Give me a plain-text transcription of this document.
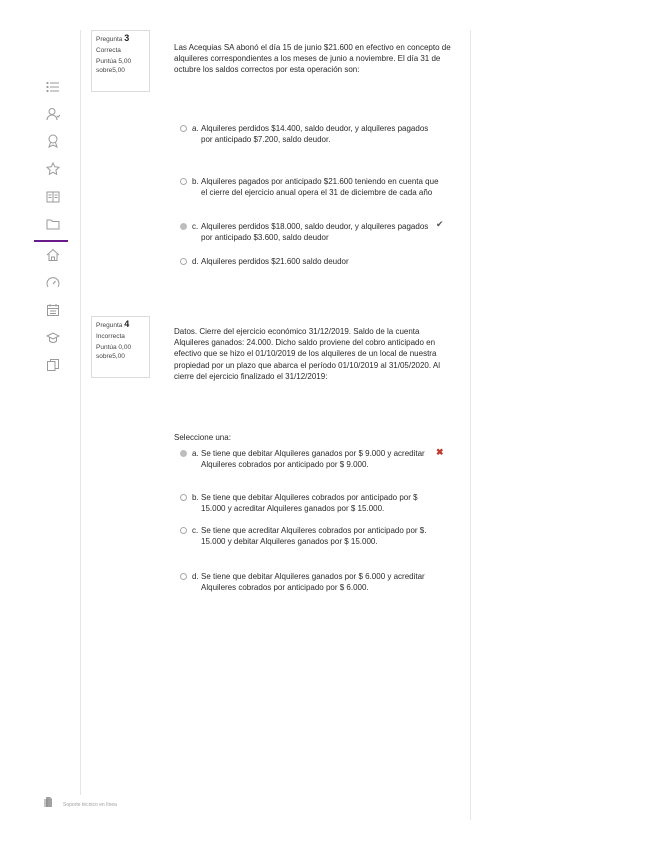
Pregunta 3
Correcta
Puntúa 5,00 sobre5,00
Las Acequias SA abonó el día 15 de junio $21.600 en efectivo en concepto de alquileres correspondientes a los meses de junio a noviembre. El día 31 de octubre los saldos correctos por esta operación son:
a. Alquileres perdidos $14.400, saldo deudor, y alquileres pagados por anticipado $7.200, saldo deudor.
b. Alquileres pagados por anticipado $21.600 teniendo en cuenta que el cierre del ejercicio anual opera el 31 de diciembre de cada año
c. Alquileres perdidos $18.000, saldo deudor, y alquileres pagados por anticipado $3.600, saldo deudor
✔
d. Alquileres perdidos $21.600 saldo deudor
Pregunta 4
Incorrecta
Puntúa 0,00 sobre5,00
Datos. Cierre del ejercicio económico 31/12/2019. Saldo de la cuenta Alquileres ganados: 24.000. Dicho saldo proviene del cobro anticipado en efectivo que se hizo el 01/10/2019 de los alquileres de un local de nuestra propiedad por un plazo que abarca el período 01/10/2019 al 31/05/2020. Al cierre del ejercicio finalizado el 31/12/2019:
Seleccione una:
a. Se tiene que debitar Alquileres ganados por $ 9.000 y acreditar Alquileres cobrados por anticipado por $ 9.000.
✖
b. Se tiene que debitar Alquileres cobrados por anticipado por $ 15.000 y acreditar Alquileres ganados por $ 15.000.
c. Se tiene que acreditar Alquileres cobrados por anticipado por $. 15.000 y debitar Alquileres ganados por $ 15.000.
d. Se tiene que debitar Alquileres ganados por $ 6.000 y acreditar Alquileres cobrados por anticipado por $ 6.000.
Soporte técnico en línea
